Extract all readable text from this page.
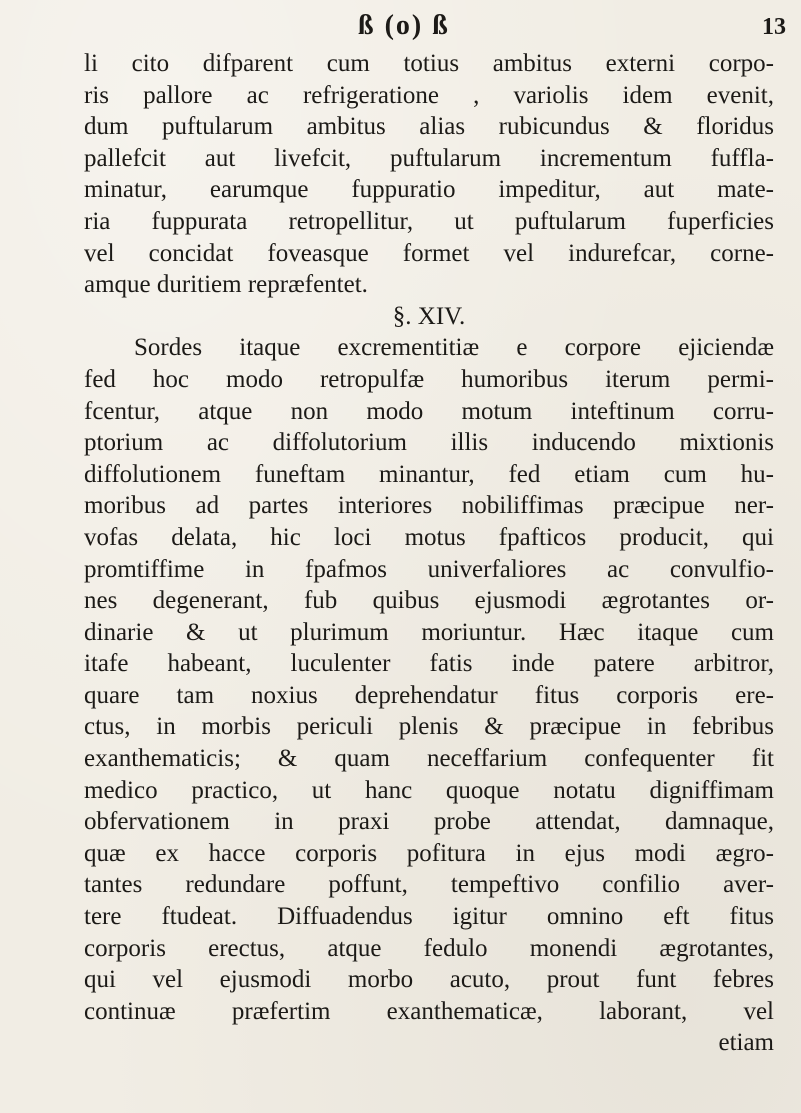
ß (o) ß	13
li cito difparent cum totius ambitus externi corpo-
ris pallore ac refrigeratione , variolis idem evenit,
dum puftularum ambitus alias rubicundus & floridus
pallefcit aut livefcit, puftularum incrementum fuffla-
minatur, earumque fuppuratio impeditur, aut mate-
ria fuppurata retropellitur, ut puftularum fuperficies
vel concidat foveasque formet vel indurefcar, corne-
amque duritiem repræfentet.
§. XIV.
Sordes itaque excrementitiæ e corpore ejiciendæ
fed hoc modo retropulfæ humoribus iterum permi-
fcentur, atque non modo motum inteftinum corru-
ptorium ac diffolutorium illis inducendo mixtionis
diffolutionem funeftam minantur, fed etiam cum hu-
moribus ad partes interiores nobiliffimas præcipue ner-
vofas delata, hic loci motus fpafticos producit, qui
promtiffime in fpafmos univerfaliores ac convulfio-
nes degenerant, fub quibus ejusmodi ægrotantes or-
dinarie & ut plurimum moriuntur. Hæc itaque cum
itafe habeant, luculenter fatis inde patere arbitror,
quare tam noxius deprehendatur fitus corporis ere-
ctus, in morbis periculi plenis & præcipue in febribus
exanthematicis; & quam neceffarium confequenter fit
medico practico, ut hanc quoque notatu digniffimam
obfervationem in praxi probe attendat, damnaque,
quæ ex hacce corporis pofitura in ejus modi ægro-
tantes redundare poffunt, tempeftivo confilio aver-
tere ftudeat. Diffuadendus igitur omnino eft fitus
corporis erectus, atque fedulo monendi ægrotantes,
qui vel ejusmodi morbo acuto, prout funt febres
continuæ præfertim exanthematicæ, laborant, vel
etiam
